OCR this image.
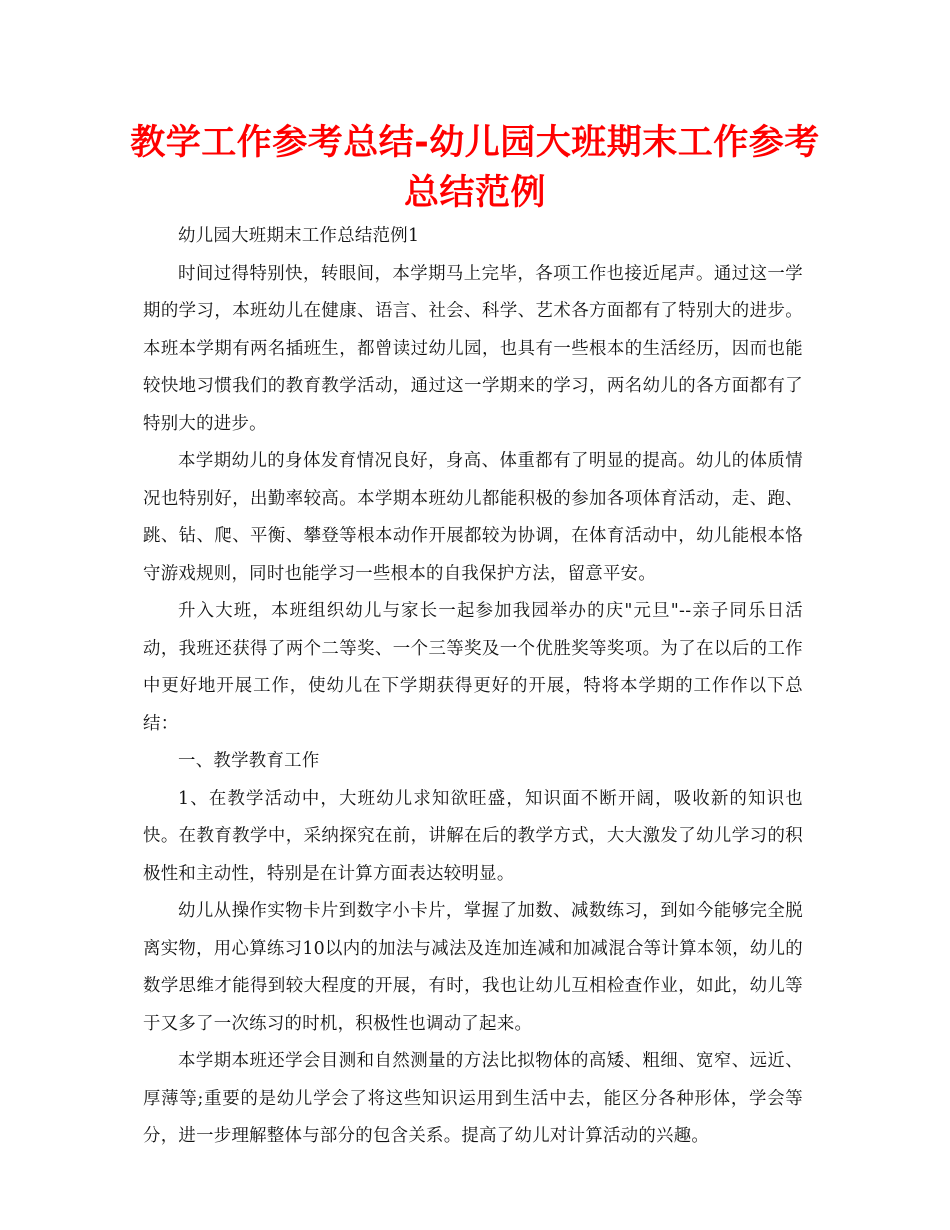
教学工作参考总结-幼儿园大班期末工作参考总结范例

幼儿园大班期末工作总结范例1

时间过得特别快，转眼间，本学期马上完毕，各项工作也接近尾声。通过这一学期的学习，本班幼儿在健康、语言、社会、科学、艺术各方面都有了特别大的进步。本班本学期有两名插班生，都曾读过幼儿园，也具有一些根本的生活经历，因而也能较快地习惯我们的教育教学活动，通过这一学期来的学习，两名幼儿的各方面都有了特别大的进步。

本学期幼儿的身体发育情况良好，身高、体重都有了明显的提高。幼儿的体质情况也特别好，出勤率较高。本学期本班幼儿都能积极的参加各项体育活动，走、跑、跳、钻、爬、平衡、攀登等根本动作开展都较为协调，在体育活动中，幼儿能根本恪守游戏规则，同时也能学习一些根本的自我保护方法，留意平安。

升入大班，本班组织幼儿与家长一起参加我园举办的庆"元旦"--亲子同乐日活动，我班还获得了两个二等奖、一个三等奖及一个优胜奖等奖项。为了在以后的工作中更好地开展工作，使幼儿在下学期获得更好的开展，特将本学期的工作作以下总结：

一、教学教育工作

1、在教学活动中，大班幼儿求知欲旺盛，知识面不断开阔，吸收新的知识也快。在教育教学中，采纳探究在前，讲解在后的教学方式，大大激发了幼儿学习的积极性和主动性，特别是在计算方面表达较明显。

幼儿从操作实物卡片到数字小卡片，掌握了加数、减数练习，到如今能够完全脱离实物，用心算练习10以内的加法与减法及连加连减和加减混合等计算本领，幼儿的数学思维才能得到较大程度的开展，有时，我也让幼儿互相检查作业，如此，幼儿等于又多了一次练习的时机，积极性也调动了起来。

本学期本班还学会目测和自然测量的方法比拟物体的高矮、粗细、宽窄、远近、厚薄等;重要的是幼儿学会了将这些知识运用到生活中去，能区分各种形体，学会等分，进一步理解整体与部分的包含关系。提高了幼儿对计算活动的兴趣。
